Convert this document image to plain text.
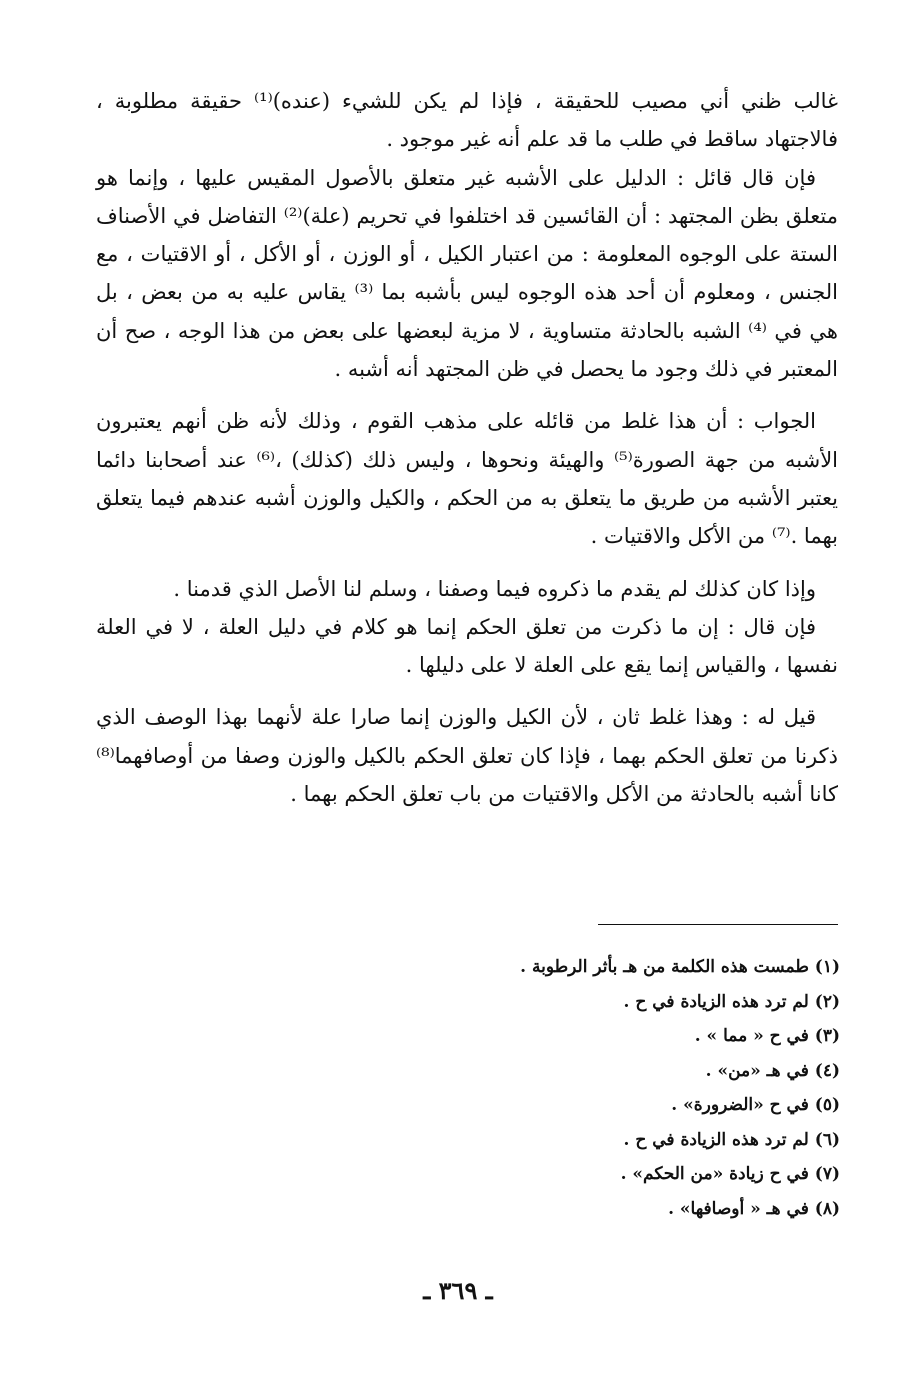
غالب ظني أني مصيب للحقيقة ، فإذا لم يكن للشيء (عنده)⁽¹⁾ حقيقة مطلوبة ، فالاجتهاد ساقط في طلب ما قد علم أنه غير موجود .

فإن قال قائل : الدليل على الأشبه غير متعلق بالأصول المقيس عليها ، وإنما هو متعلق بظن المجتهد : أن القائسين قد اختلفوا في تحريم (علة)⁽²⁾ التفاضل في الأصناف الستة على الوجوه المعلومة : من اعتبار الكيل ، أو الوزن ، أو الأكل ، أو الاقتيات ، مع الجنس ، ومعلوم أن أحد هذه الوجوه ليس بأشبه بما ⁽³⁾ يقاس عليه به من بعض ، بل هي في ⁽⁴⁾ الشبه بالحادثة متساوية ، لا مزية لبعضها على بعض من هذا الوجه ، صح أن المعتبر في ذلك وجود ما يحصل في ظن المجتهد أنه أشبه .

الجواب : أن هذا غلط من قائله على مذهب القوم ، وذلك لأنه ظن أنهم يعتبرون الأشبه من جهة الصورة⁽⁵⁾ والهيئة ونحوها ، وليس ذلك (كذلك) ،⁽⁶⁾ عند أصحابنا دائما يعتبر الأشبه من طريق ما يتعلق به من الحكم ، والكيل والوزن أشبه عندهم فيما يتعلق بهما .⁽⁷⁾ من الأكل والاقتيات .

وإذا كان كذلك لم يقدم ما ذكروه فيما وصفنا ، وسلم لنا الأصل الذي قدمنا .

فإن قال : إن ما ذكرت من تعلق الحكم إنما هو كلام في دليل العلة ، لا في العلة نفسها ، والقياس إنما يقع على العلة لا على دليلها .

قيل له : وهذا غلط ثان ، لأن الكيل والوزن إنما صارا علة لأنهما بهذا الوصف الذي ذكرنا من تعلق الحكم بهما ، فإذا كان تعلق الحكم بالكيل والوزن وصفا من أوصافهما⁽⁸⁾ كانا أشبه بالحادثة من الأكل والاقتيات من باب تعلق الحكم بهما .

(١) طمست هذه الكلمة من هـ بأثر الرطوبة .
(٢) لم ترد هذه الزيادة في ح .
(٣) في ح « مما » .
(٤) في هـ «من» .
(٥) في ح «الضرورة» .
(٦) لم ترد هذه الزيادة في ح .
(٧) في ح زيادة «من الحكم» .
(٨) في هـ « أوصافها» .
ـ ٣٦٩ ـ
